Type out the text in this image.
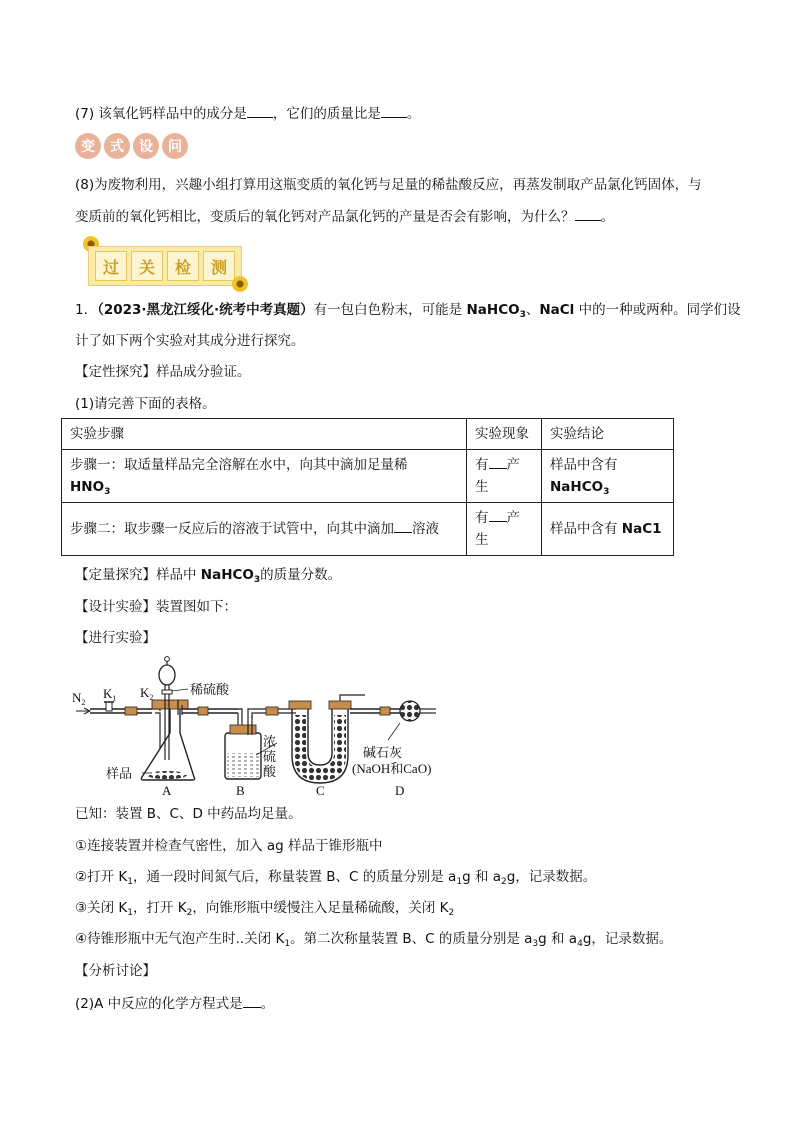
(7) 该氧化钙样品中的成分是 ，它们的质量比是 。
变	式	设	问
(8)为废物利用，兴趣小组打算用这瓶变质的氧化钙与足量的稀盐酸反应，再蒸发制取产品氯化钙固体，与
变质前的氧化钙相比，变质后的氧化钙对产品氯化钙的产量是否会有影响，为什么？ 。
过	关	检	测
1．（2023·黑龙江绥化·统考中考真题）有一包白色粉末，可能是 NaHCO$_3$、NaCl 中的一种或两种。同学们设
计了如下两个实验对其成分进行探究。
【定性探究】样品成分验证。
(1)请完善下面的表格。
实验步骤	实验现象	实验结论
步骤一：取适量样品完全溶解在水中，向其中滴加足量稀
$HNO_3$	有 产生	样品中含有
NaHCO$_3$
步骤二：取步骤一反应后的溶液于试管中，向其中滴加 溶液	有 产生	样品中含有 NaC1
【定量探究】样品中 NaHCO$_3$的质量分数。
【设计实验】装置图如下：
【进行实验】
$N_2$
$K_1$ $K_2$
稀硫酸
样品
浓
硫
酸
碱石灰
(NaOH和CaO)
A	B	C	D
已知：装置 B、C、D 中药品均足量。
①连接装置并检查气密性，加入 ag 样品于锥形瓶中
②打开 $K_1$，通一段时间氮气后，称量装置 B、C 的质量分别是 $a_1g$ 和 $a_2g$，记录数据。
③关闭 $K_1$，打开 $K_2$，向锥形瓶中缓慢注入足量稀硫酸，关闭 $K_2$
④待锥形瓶中无气泡产生时..关闭 $K_1$。第二次称量装置 B、C 的质量分别是 $a_3g$ 和 $a_4g$，记录数据。
【分析讨论】
(2)A 中反应的化学方程式是 。
